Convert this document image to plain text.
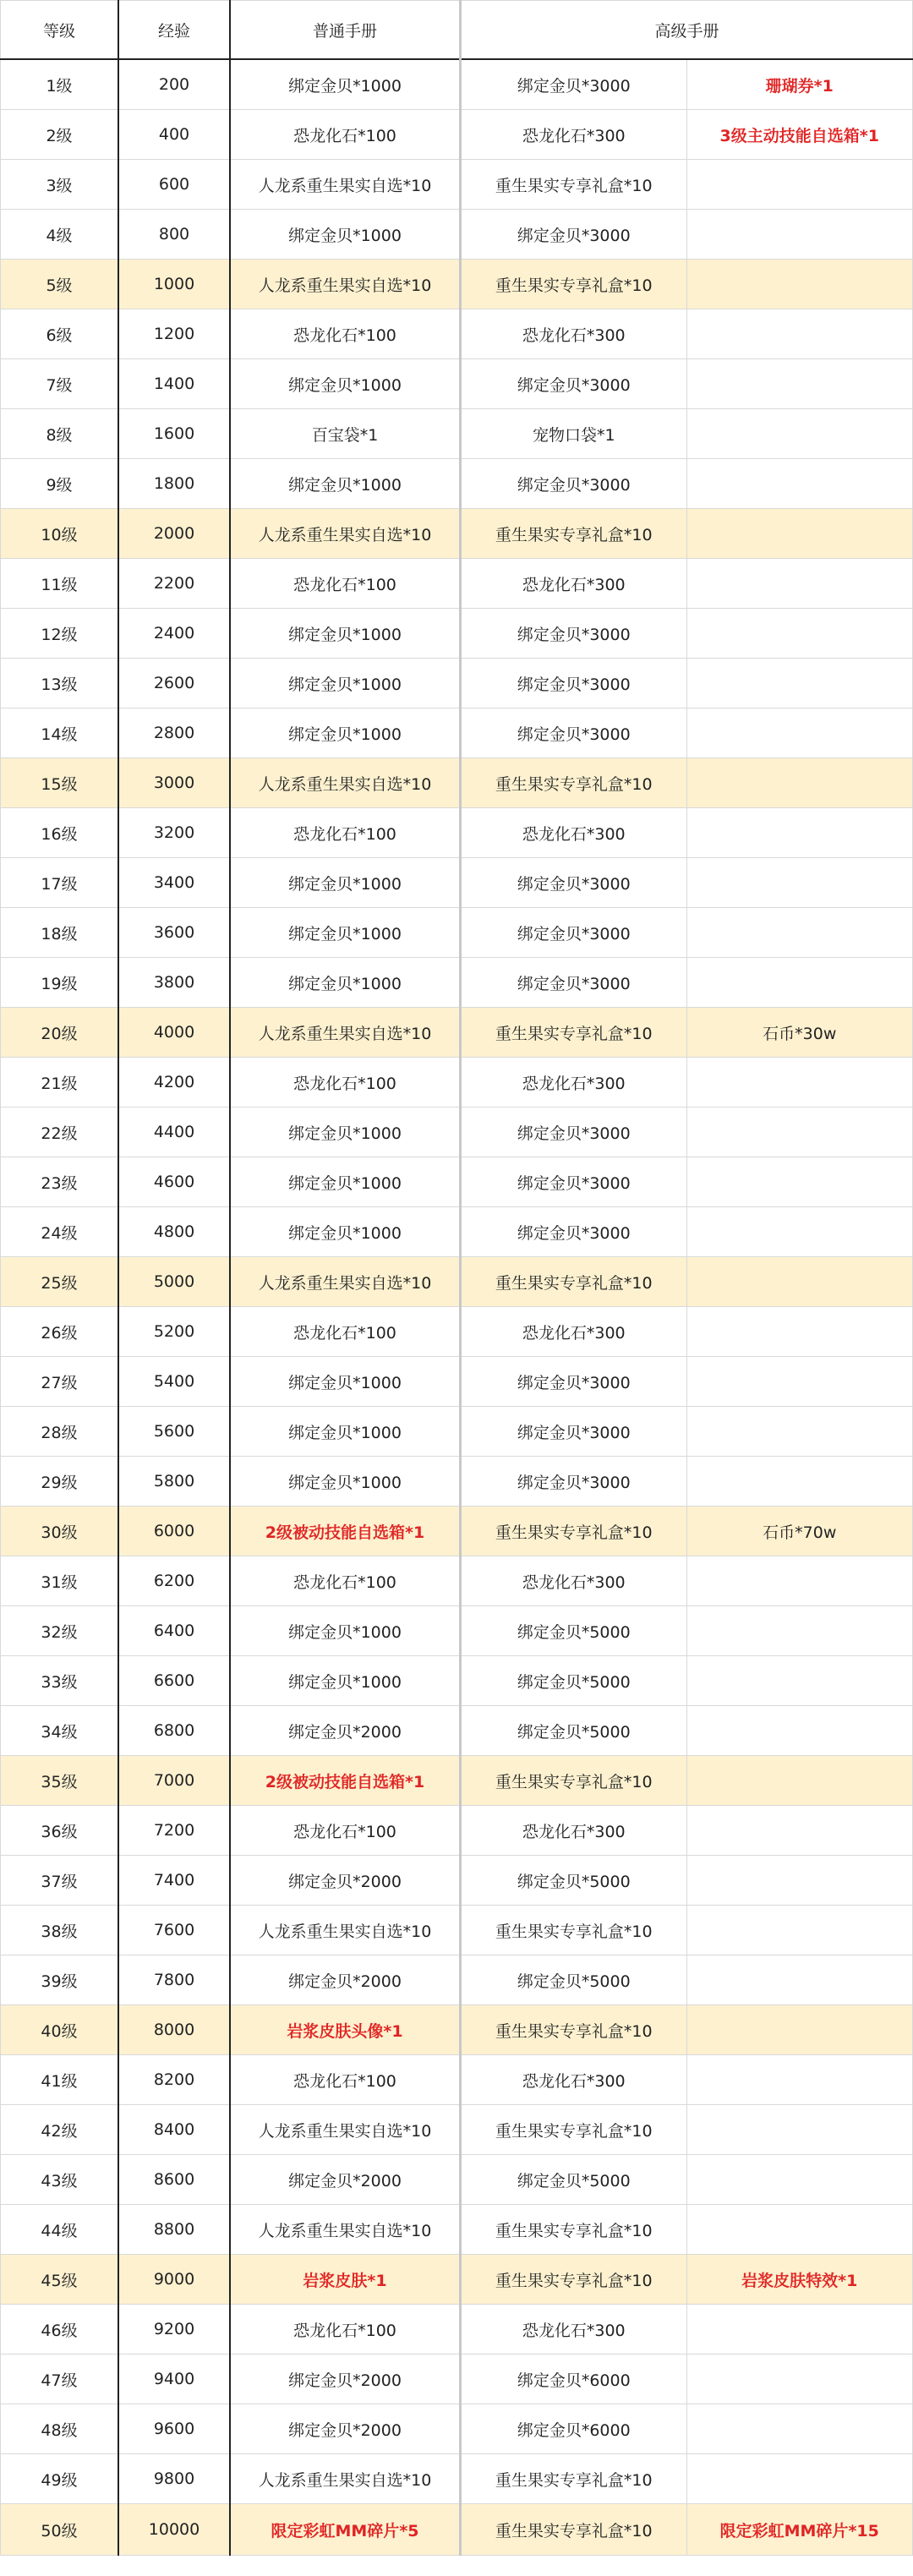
等级	经验	普通手册	高级手册	
1级	200	绑定金贝*1000	绑定金贝*3000	珊瑚券*1
2级	400	恐龙化石*100	恐龙化石*300	3级主动技能自选箱*1
3级	600	人龙系重生果实自选*10	重生果实专享礼盒*10	
4级	800	绑定金贝*1000	绑定金贝*3000	
5级	1000	人龙系重生果实自选*10	重生果实专享礼盒*10	
6级	1200	恐龙化石*100	恐龙化石*300	
7级	1400	绑定金贝*1000	绑定金贝*3000	
8级	1600	百宝袋*1	宠物口袋*1	
9级	1800	绑定金贝*1000	绑定金贝*3000	
10级	2000	人龙系重生果实自选*10	重生果实专享礼盒*10	
11级	2200	恐龙化石*100	恐龙化石*300	
12级	2400	绑定金贝*1000	绑定金贝*3000	
13级	2600	绑定金贝*1000	绑定金贝*3000	
14级	2800	绑定金贝*1000	绑定金贝*3000	
15级	3000	人龙系重生果实自选*10	重生果实专享礼盒*10	
16级	3200	恐龙化石*100	恐龙化石*300	
17级	3400	绑定金贝*1000	绑定金贝*3000	
18级	3600	绑定金贝*1000	绑定金贝*3000	
19级	3800	绑定金贝*1000	绑定金贝*3000	
20级	4000	人龙系重生果实自选*10	重生果实专享礼盒*10	石币*30w
21级	4200	恐龙化石*100	恐龙化石*300	
22级	4400	绑定金贝*1000	绑定金贝*3000	
23级	4600	绑定金贝*1000	绑定金贝*3000	
24级	4800	绑定金贝*1000	绑定金贝*3000	
25级	5000	人龙系重生果实自选*10	重生果实专享礼盒*10	
26级	5200	恐龙化石*100	恐龙化石*300	
27级	5400	绑定金贝*1000	绑定金贝*3000	
28级	5600	绑定金贝*1000	绑定金贝*3000	
29级	5800	绑定金贝*1000	绑定金贝*3000	
30级	6000	2级被动技能自选箱*1	重生果实专享礼盒*10	石币*70w
31级	6200	恐龙化石*100	恐龙化石*300	
32级	6400	绑定金贝*1000	绑定金贝*5000	
33级	6600	绑定金贝*1000	绑定金贝*5000	
34级	6800	绑定金贝*2000	绑定金贝*5000	
35级	7000	2级被动技能自选箱*1	重生果实专享礼盒*10	
36级	7200	恐龙化石*100	恐龙化石*300	
37级	7400	绑定金贝*2000	绑定金贝*5000	
38级	7600	人龙系重生果实自选*10	重生果实专享礼盒*10	
39级	7800	绑定金贝*2000	绑定金贝*5000	
40级	8000	岩浆皮肤头像*1	重生果实专享礼盒*10	
41级	8200	恐龙化石*100	恐龙化石*300	
42级	8400	人龙系重生果实自选*10	重生果实专享礼盒*10	
43级	8600	绑定金贝*2000	绑定金贝*5000	
44级	8800	人龙系重生果实自选*10	重生果实专享礼盒*10	
45级	9000	岩浆皮肤*1	重生果实专享礼盒*10	岩浆皮肤特效*1
46级	9200	恐龙化石*100	恐龙化石*300	
47级	9400	绑定金贝*2000	绑定金贝*6000	
48级	9600	绑定金贝*2000	绑定金贝*6000	
49级	9800	人龙系重生果实自选*10	重生果实专享礼盒*10	
50级	10000	限定彩虹MM碎片*5	重生果实专享礼盒*10	限定彩虹MM碎片*15
